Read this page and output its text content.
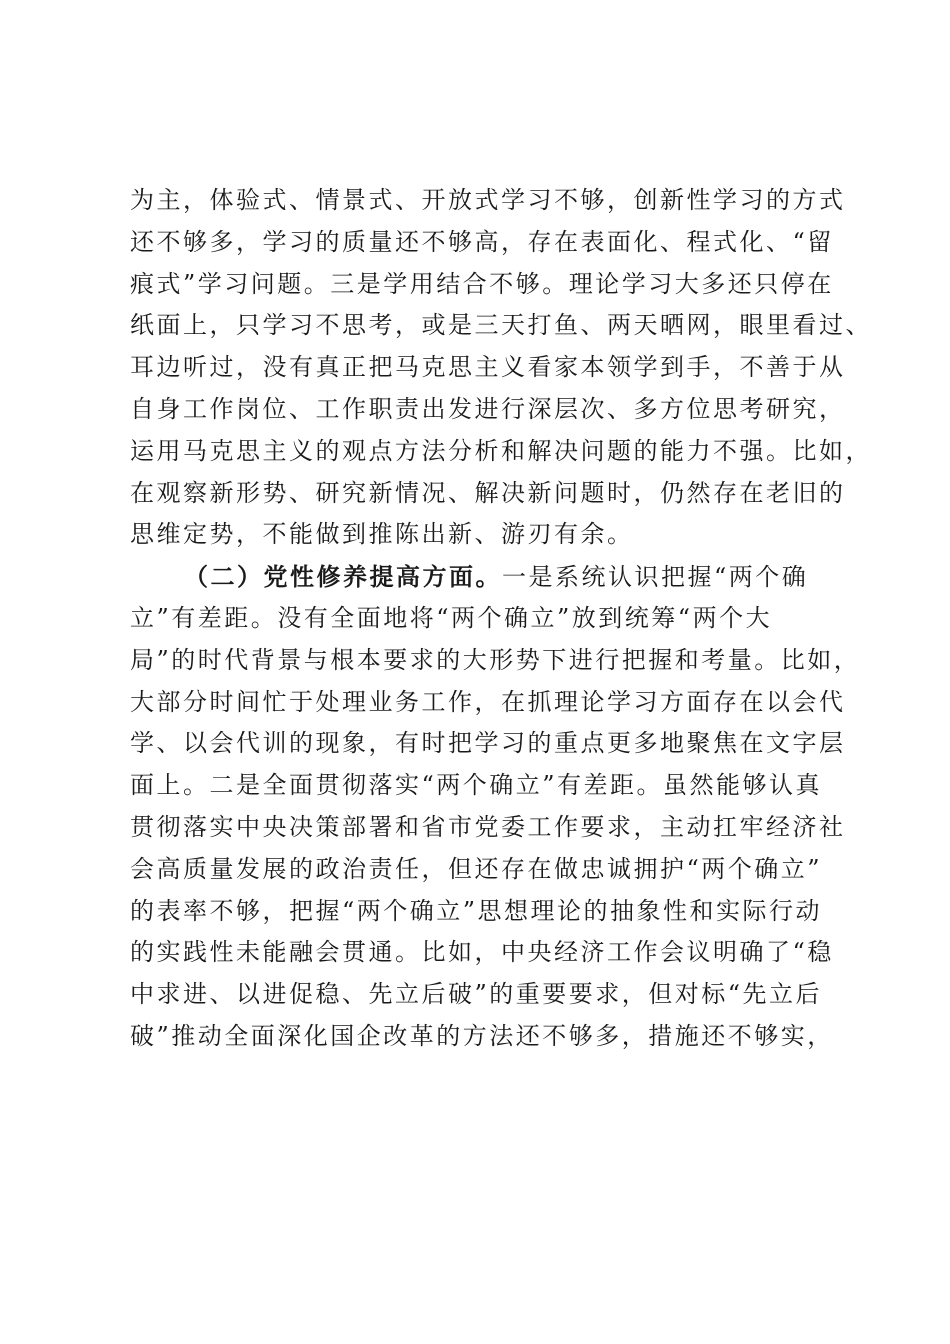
为主，体验式、情景式、开放式学习不够，创新性学习的方式
还不够多，学习的质量还不够高，存在表面化、程式化、“留
痕式”学习问题。三是学用结合不够。理论学习大多还只停在
纸面上，只学习不思考，或是三天打鱼、两天晒网，眼里看过、
耳边听过，没有真正把马克思主义看家本领学到手，不善于从
自身工作岗位、工作职责出发进行深层次、多方位思考研究，
运用马克思主义的观点方法分析和解决问题的能力不强。比如，
在观察新形势、研究新情况、解决新问题时，仍然存在老旧的
思维定势，不能做到推陈出新、游刃有余。
（二）党性修养提高方面。一是系统认识把握“两个确
立”有差距。没有全面地将“两个确立”放到统筹“两个大
局”的时代背景与根本要求的大形势下进行把握和考量。比如，
大部分时间忙于处理业务工作，在抓理论学习方面存在以会代
学、以会代训的现象，有时把学习的重点更多地聚焦在文字层
面上。二是全面贯彻落实“两个确立”有差距。虽然能够认真
贯彻落实中央决策部署和省市党委工作要求，主动扛牢经济社
会高质量发展的政治责任，但还存在做忠诚拥护“两个确立”
的表率不够，把握“两个确立”思想理论的抽象性和实际行动
的实践性未能融会贯通。比如，中央经济工作会议明确了“稳
中求进、以进促稳、先立后破”的重要要求，但对标“先立后
破”推动全面深化国企改革的方法还不够多，措施还不够实，
